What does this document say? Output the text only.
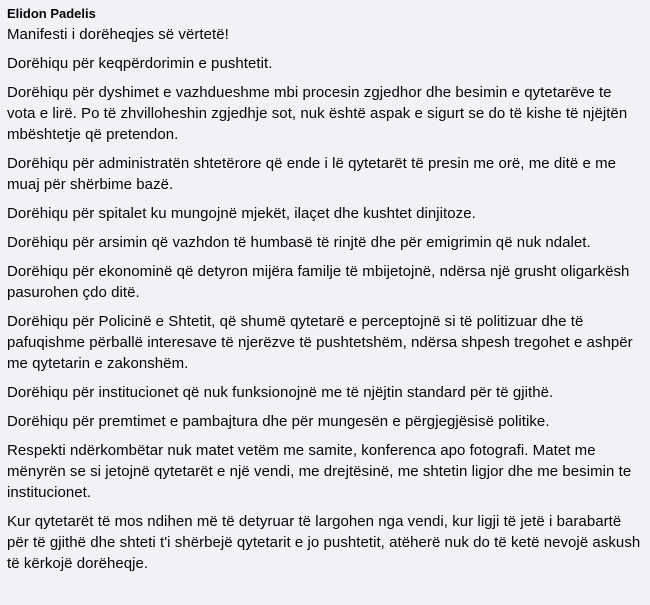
Elidon Padelis

Manifesti i dorëheqjes së vërtetë!

Dorëhiqu për keqpërdorimin e pushtetit.

Dorëhiqu për dyshimet e vazhdueshme mbi procesin zgjedhor dhe besimin e qytetarëve te vota e lirë. Po të zhvilloheshin zgjedhje sot, nuk është aspak e sigurt se do të kishe të njëjtën mbështetje që pretendon.

Dorëhiqu për administratën shtetërore që ende i lë qytetarët të presin me orë, me ditë e me muaj për shërbime bazë.

Dorëhiqu për spitalet ku mungojnë mjekët, ilaçet dhe kushtet dinjitoze.

Dorëhiqu për arsimin që vazhdon të humbasë të rinjtë dhe për emigrimin që nuk ndalet.

Dorëhiqu për ekonominë që detyron mijëra familje të mbijetojnë, ndërsa një grusht oligarkësh pasurohen çdo ditë.

Dorëhiqu për Policinë e Shtetit, që shumë qytetarë e perceptojnë si të politizuar dhe të pafuqishme përballë interesave të njerëzve të pushtetshëm, ndërsa shpesh tregohet e ashpër me qytetarin e zakonshëm.

Dorëhiqu për institucionet që nuk funksionojnë me të njëjtin standard për të gjithë.

Dorëhiqu për premtimet e pambajtura dhe për mungesën e përgjegjësisë politike.

Respekti ndërkombëtar nuk matet vetëm me samite, konferenca apo fotografi. Matet me mënyrën se si jetojnë qytetarët e një vendi, me drejtësinë, me shtetin ligjor dhe me besimin te institucionet.

Kur qytetarët të mos ndihen më të detyruar të largohen nga vendi, kur ligji të jetë i barabartë për të gjithë dhe shteti t'i shërbejë qytetarit e jo pushtetit, atëherë nuk do të ketë nevojë askush të kërkojë dorëheqje.
